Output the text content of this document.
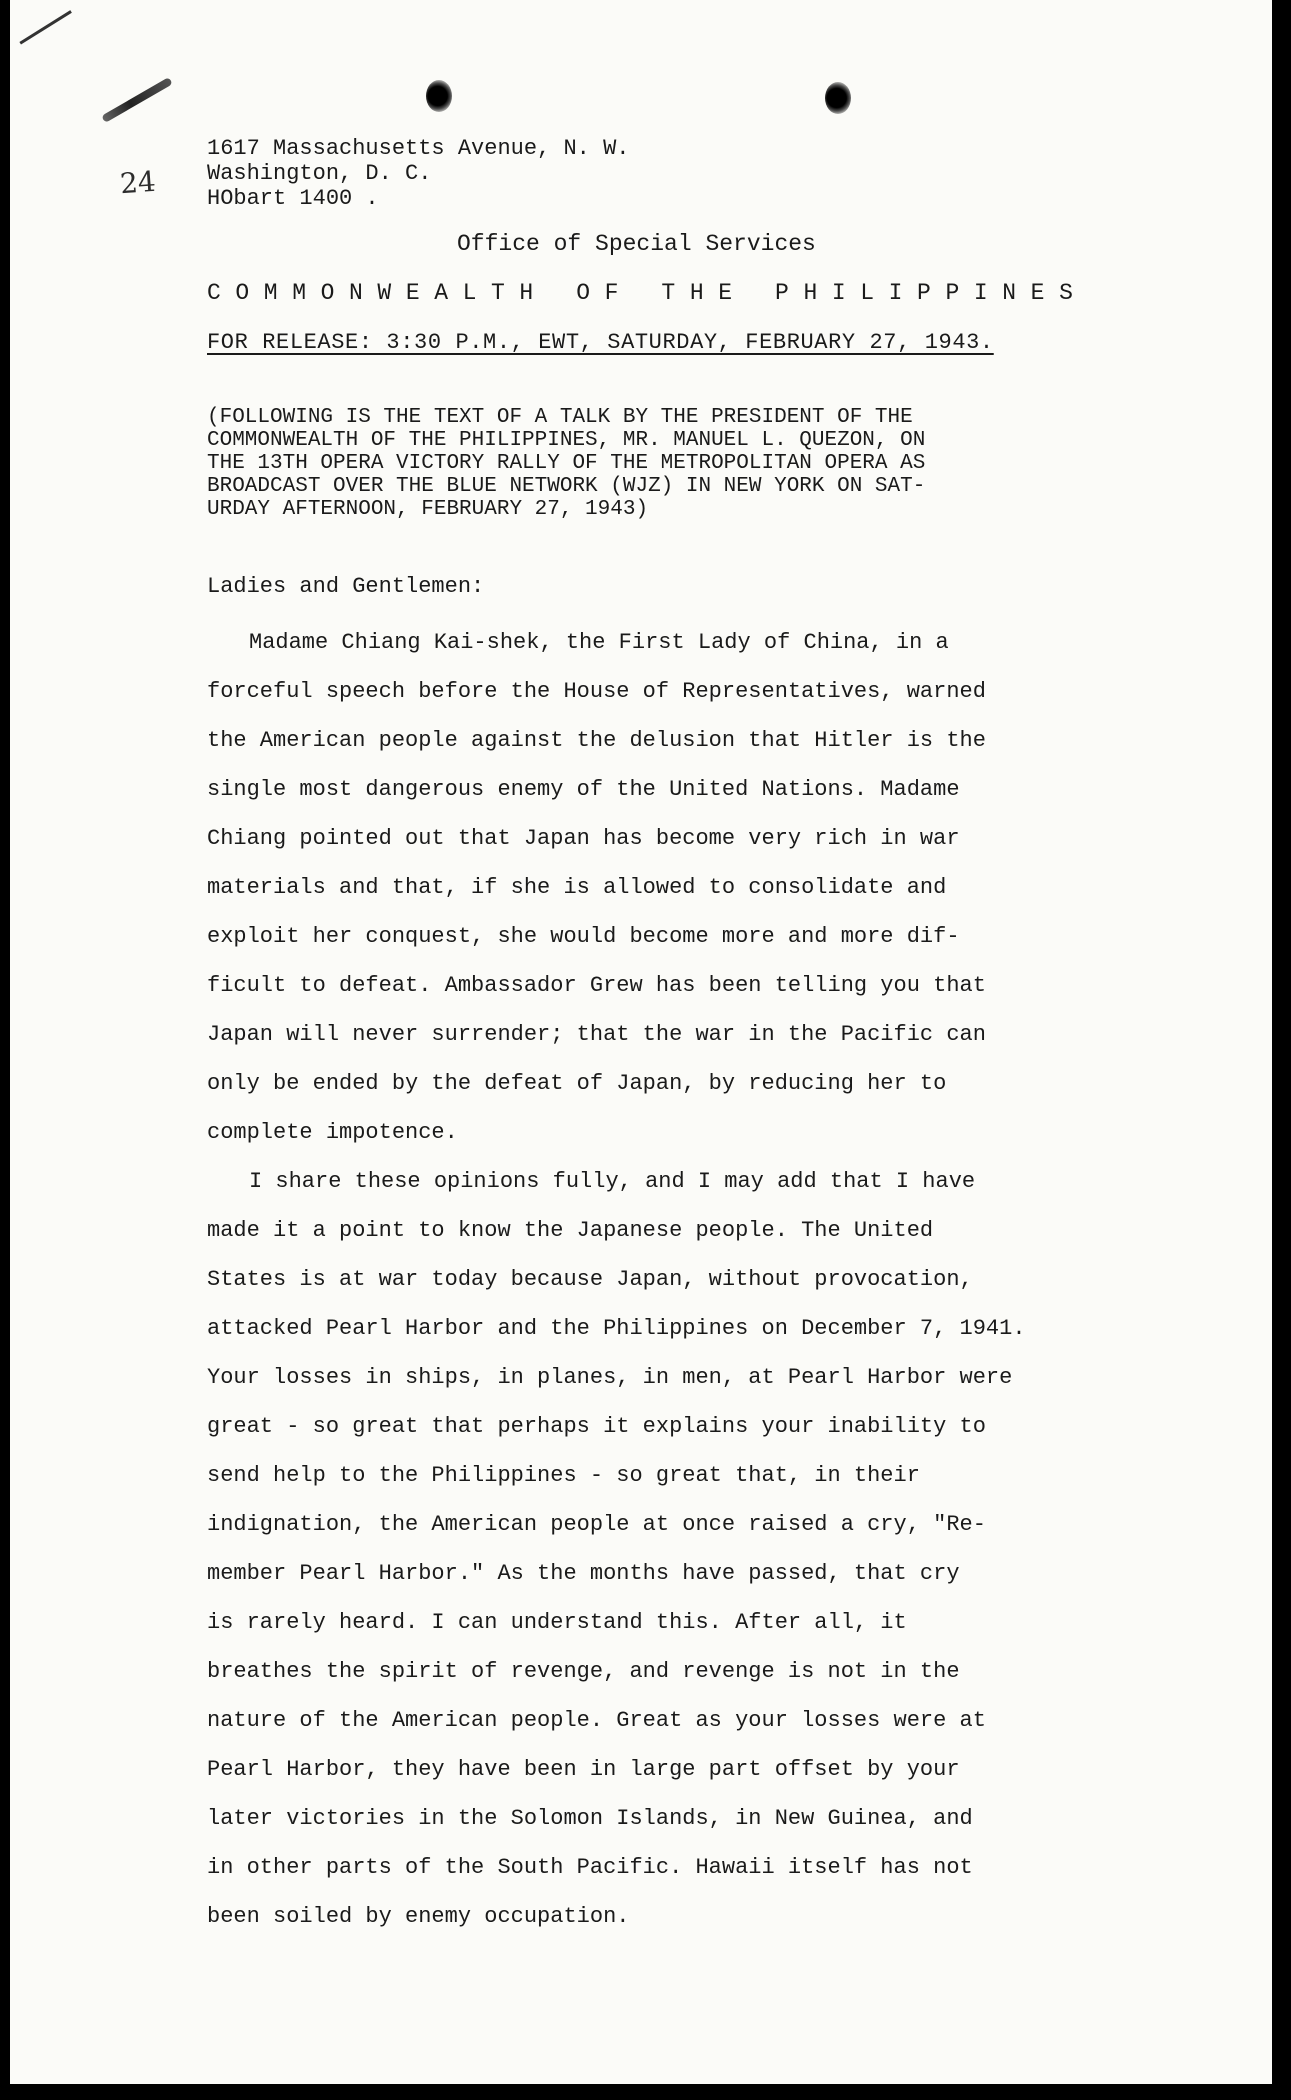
24
1617 Massachusetts Avenue, N. W.
Washington, D. C.
HObart 1400 .
Office of Special Services
COMMONWEALTH OF THE PHILIPPINES
FOR RELEASE: 3:30 P.M., EWT, SATURDAY, FEBRUARY 27, 1943.
(FOLLOWING IS THE TEXT OF A TALK BY THE PRESIDENT OF THE
COMMONWEALTH OF THE PHILIPPINES, MR. MANUEL L. QUEZON, ON
THE 13TH OPERA VICTORY RALLY OF THE METROPOLITAN OPERA AS
BROADCAST OVER THE BLUE NETWORK (WJZ) IN NEW YORK ON SAT-
URDAY AFTERNOON, FEBRUARY 27, 1943)
Ladies and Gentlemen:
Madame Chiang Kai-shek, the First Lady of China, in a
forceful speech before the House of Representatives, warned
the American people against the delusion that Hitler is the
single most dangerous enemy of the United Nations. Madame
Chiang pointed out that Japan has become very rich in war
materials and that, if she is allowed to consolidate and
exploit her conquest, she would become more and more dif-
ficult to defeat. Ambassador Grew has been telling you that
Japan will never surrender; that the war in the Pacific can
only be ended by the defeat of Japan, by reducing her to
complete impotence.
I share these opinions fully, and I may add that I have
made it a point to know the Japanese people. The United
States is at war today because Japan, without provocation,
attacked Pearl Harbor and the Philippines on December 7, 1941.
Your losses in ships, in planes, in men, at Pearl Harbor were
great - so great that perhaps it explains your inability to
send help to the Philippines - so great that, in their
indignation, the American people at once raised a cry, "Re-
member Pearl Harbor." As the months have passed, that cry
is rarely heard. I can understand this. After all, it
breathes the spirit of revenge, and revenge is not in the
nature of the American people. Great as your losses were at
Pearl Harbor, they have been in large part offset by your
later victories in the Solomon Islands, in New Guinea, and
in other parts of the South Pacific. Hawaii itself has not
been soiled by enemy occupation.
